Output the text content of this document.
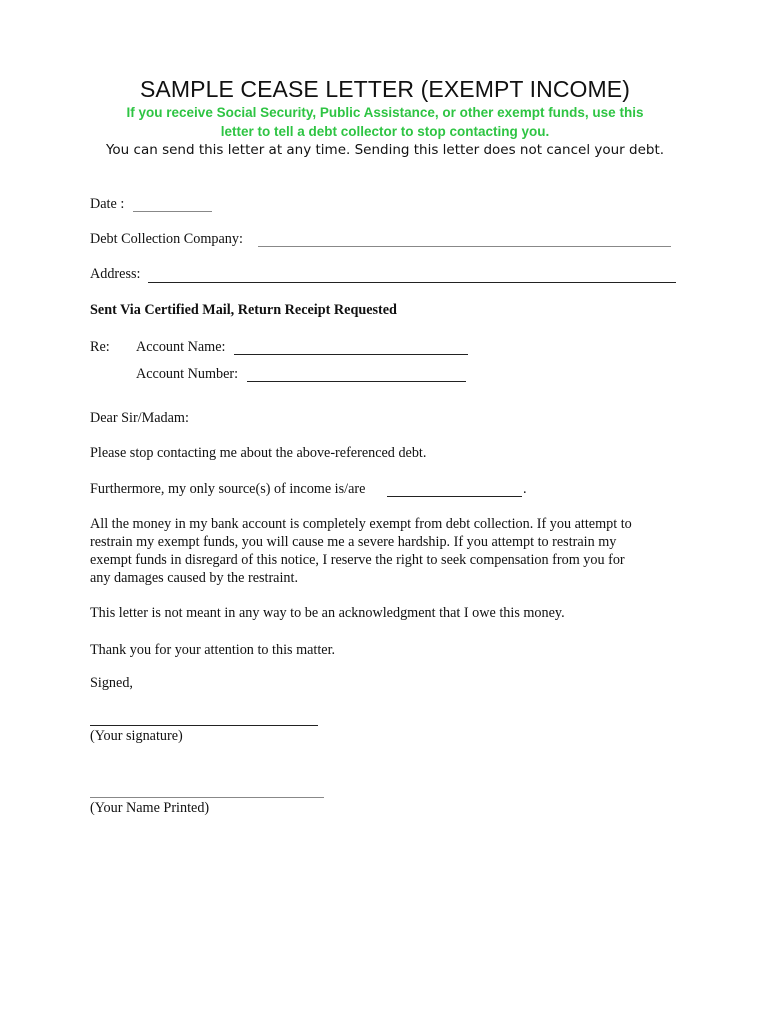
SAMPLE CEASE LETTER (EXEMPT INCOME)
If you receive Social Security, Public Assistance, or other exempt funds, use this
letter to tell a debt collector to stop contacting you.
You can send this letter at any time. Sending this letter does not cancel your debt.
Date :
Debt Collection Company:
Address:
Sent Via Certified Mail, Return Receipt Requested
Re: Account Name:
Account Number:
Dear Sir/Madam:
Please stop contacting me about the above-referenced debt.
Furthermore, my only source(s) of income is/are	.
All the money in my bank account is completely exempt from debt collection. If you attempt to
restrain my exempt funds, you will cause me a severe hardship. If you attempt to restrain my
exempt funds in disregard of this notice, I reserve the right to seek compensation from you for
any damages caused by the restraint.
This letter is not meant in any way to be an acknowledgment that I owe this money.
Thank you for your attention to this matter.
Signed,
(Your signature)
(Your Name Printed)
